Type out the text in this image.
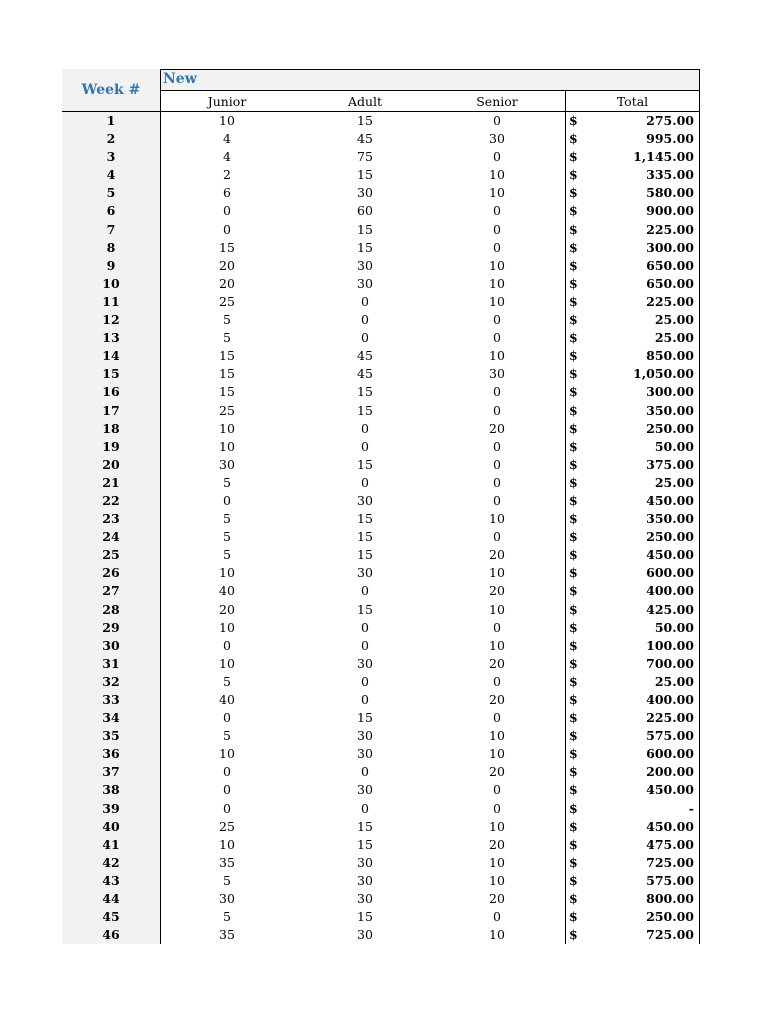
Week #
New
Junior	Adult	Senior	Total
1	10	15	0	$	275.00
2	4	45	30	$	995.00
3	4	75	0	$	1,145.00
4	2	15	10	$	335.00
5	6	30	10	$	580.00
6	0	60	0	$	900.00
7	0	15	0	$	225.00
8	15	15	0	$	300.00
9	20	30	10	$	650.00
10	20	30	10	$	650.00
11	25	0	10	$	225.00
12	5	0	0	$	25.00
13	5	0	0	$	25.00
14	15	45	10	$	850.00
15	15	45	30	$	1,050.00
16	15	15	0	$	300.00
17	25	15	0	$	350.00
18	10	0	20	$	250.00
19	10	0	0	$	50.00
20	30	15	0	$	375.00
21	5	0	0	$	25.00
22	0	30	0	$	450.00
23	5	15	10	$	350.00
24	5	15	0	$	250.00
25	5	15	20	$	450.00
26	10	30	10	$	600.00
27	40	0	20	$	400.00
28	20	15	10	$	425.00
29	10	0	0	$	50.00
30	0	0	10	$	100.00
31	10	30	20	$	700.00
32	5	0	0	$	25.00
33	40	0	20	$	400.00
34	0	15	0	$	225.00
35	5	30	10	$	575.00
36	10	30	10	$	600.00
37	0	0	20	$	200.00
38	0	30	0	$	450.00
39	0	0	0	$	-
40	25	15	10	$	450.00
41	10	15	20	$	475.00
42	35	30	10	$	725.00
43	5	30	10	$	575.00
44	30	30	20	$	800.00
45	5	15	0	$	250.00
46	35	30	10	$	725.00
